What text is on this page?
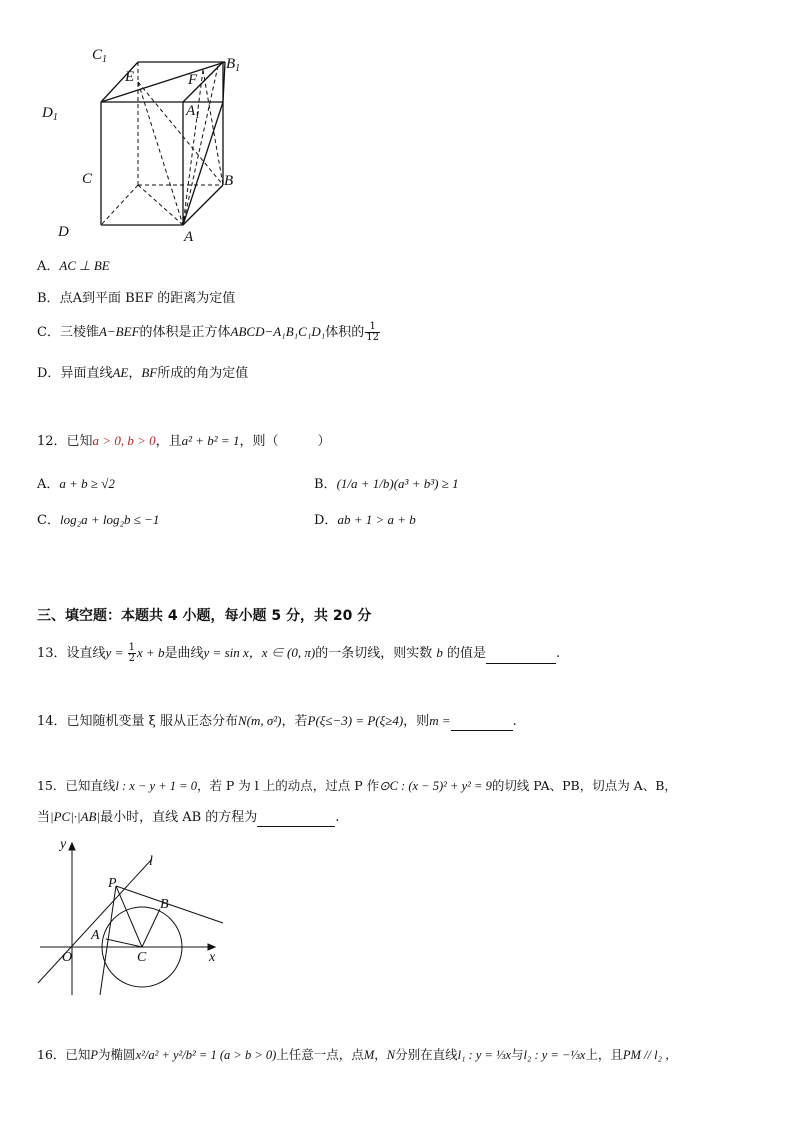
$C_1$	$B_1$
E	F
$D_1$	$A_1$
C	B
D	A
A．AC ⊥ BE
B．点A到平面 BEF 的距离为定值
C．三棱锥A−BEF的体积是正方体ABCD−A₁B₁C₁D₁体积的 $\frac{1}{12}$
D．异面直线AE，BF所成的角为定值
12．已知a > 0, b > 0，且a² + b² = 1，则（　　　）
A．a + b ≥ √2	B．(1/a + 1/b)(a³ + b³) ≥ 1
C．log₂a + log₂b ≤ −1	D．ab + 1 > a + b
三、填空题：本题共 4 小题，每小题 5 分，共 20 分
13．设直线$y = \frac{1}{2}$ x + b是曲线y = sin x，x ∈ (0, π)的一条切线，则实数 b 的值是	.
14．已知随机变量 ξ 服从正态分布N(m, σ²)，若P(ξ≤−3) = P(ξ≥4)，则m =	.
15．已知直线l : x − y + 1 = 0，若 P 为 l 上的动点，过点 P 作⊙C : (x − 5)² + y² = 9的切线 PA、PB，切点为 A、B，
当|PC|·|AB|最小时，直线 AB 的方程为	.
y
l
P
B
A
O	C	x
16．已知P为椭圆x²/a² + y²/b² = 1 (a > b > 0)上任意一点，点M，N分别在直线l₁ : y = ⅓x与l₂ : y = −⅓x上，且PM // l₂ ，
